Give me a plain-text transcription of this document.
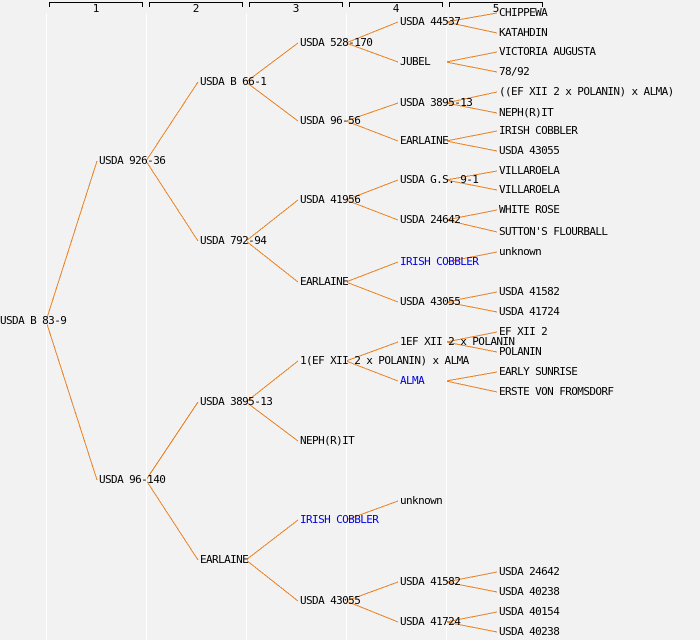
1	2	3	4	5
USDA B 83-9
USDA 926-36
USDA 96-140
USDA B 66-1
USDA 792-94
USDA 3895-13
EARLAINE
USDA 528-170
USDA 96-56
USDA 41956
EARLAINE
1(EF XII 2 x POLANIN) x ALMA
NEPH(R)IT
IRISH COBBLER
USDA 43055
USDA 44537
JUBEL
USDA 3895-13
EARLAINE
USDA G.S. 9-1
USDA 24642
IRISH COBBLER
USDA 43055
1EF XII 2 x POLANIN
ALMA
unknown
USDA 41582
USDA 41724
CHIPPEWA
KATAHDIN
VICTORIA AUGUSTA
78/92
((EF XII 2 x POLANIN) x ALMA)
NEPH(R)IT
IRISH COBBLER
USDA 43055
VILLAROELA
VILLAROELA
WHITE ROSE
SUTTON'S FLOURBALL
unknown
USDA 41582
USDA 41724
EF XII 2
POLANIN
EARLY SUNRISE
ERSTE VON FROMSDORF
USDA 24642
USDA 40238
USDA 40154
USDA 40238
